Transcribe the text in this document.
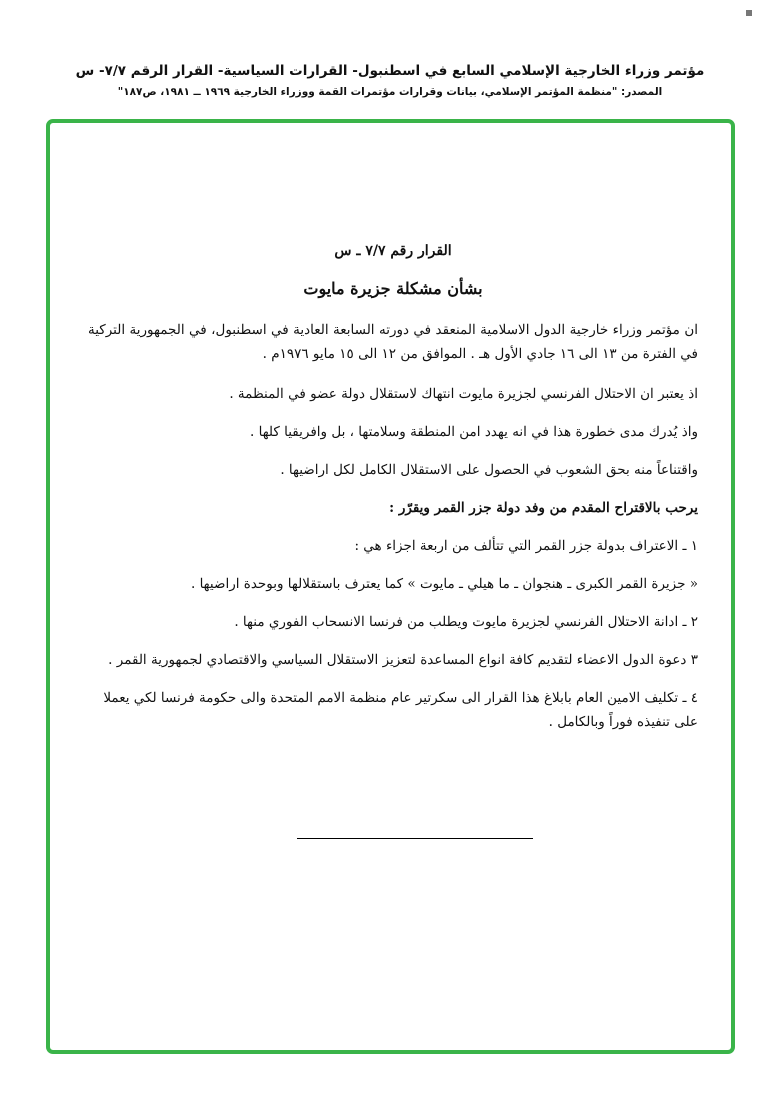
مؤتمر وزراء الخارجية الإسلامي السابع في اسطنبول- القرارات السياسية- القرار الرقم ٧/٧- س

المصدر: "منظمة المؤتمر الإسلامي، بيانات وقرارات مؤتمرات القمة ووزراء الخارجية ١٩٦٩ ــ ١٩٨١، ص١٨٧"

القرار رقم ٧/٧ ـ س

بشأن مشكلة جزيرة مايوت

ان مؤتمر وزراء خارجية الدول الاسلامية المنعقد في دورته السابعة العادية في اسطنبول، في الجمهورية التركية في الفترة من ١٣ الى ١٦ جادي الأول هـ . الموافق من ١٢ الى ١٥ مايو ١٩٧٦م .

اذ يعتبر ان الاحتلال الفرنسي لجزيرة مايوت انتهاك لاستقلال دولة عضو في المنظمة .

واذ يُدرك مدى خطورة هذا في انه يهدد امن المنطقة وسلامتها ، بل وافريقيا كلها .

واقتناعاً منه بحق الشعوب في الحصول على الاستقلال الكامل لكل اراضيها .

يرحب بالاقتراح المقدم من وفد دولة جزر القمر ويقرّر :

١ ـ الاعتراف بدولة جزر القمر التي تتألف من اربعة اجزاء هي :

« جزيرة القمر الكبرى ـ هنجوان ـ ما هيلي ـ مايوت » كما يعترف باستقلالها وبوحدة اراضيها .

٢ ـ ادانة الاحتلال الفرنسي لجزيرة مايوت ويطلب من فرنسا الانسحاب الفوري منها .

٣ دعوة الدول الاعضاء لتقديم كافة انواع المساعدة لتعزيز الاستقلال السياسي والاقتصادي لجمهورية القمر .

٤ ـ تكليف الامين العام بابلاغ هذا القرار الى سكرتير عام منظمة الامم المتحدة والى حكومة فرنسا لكي يعملا على تنفيذه فوراً وبالكامل .
